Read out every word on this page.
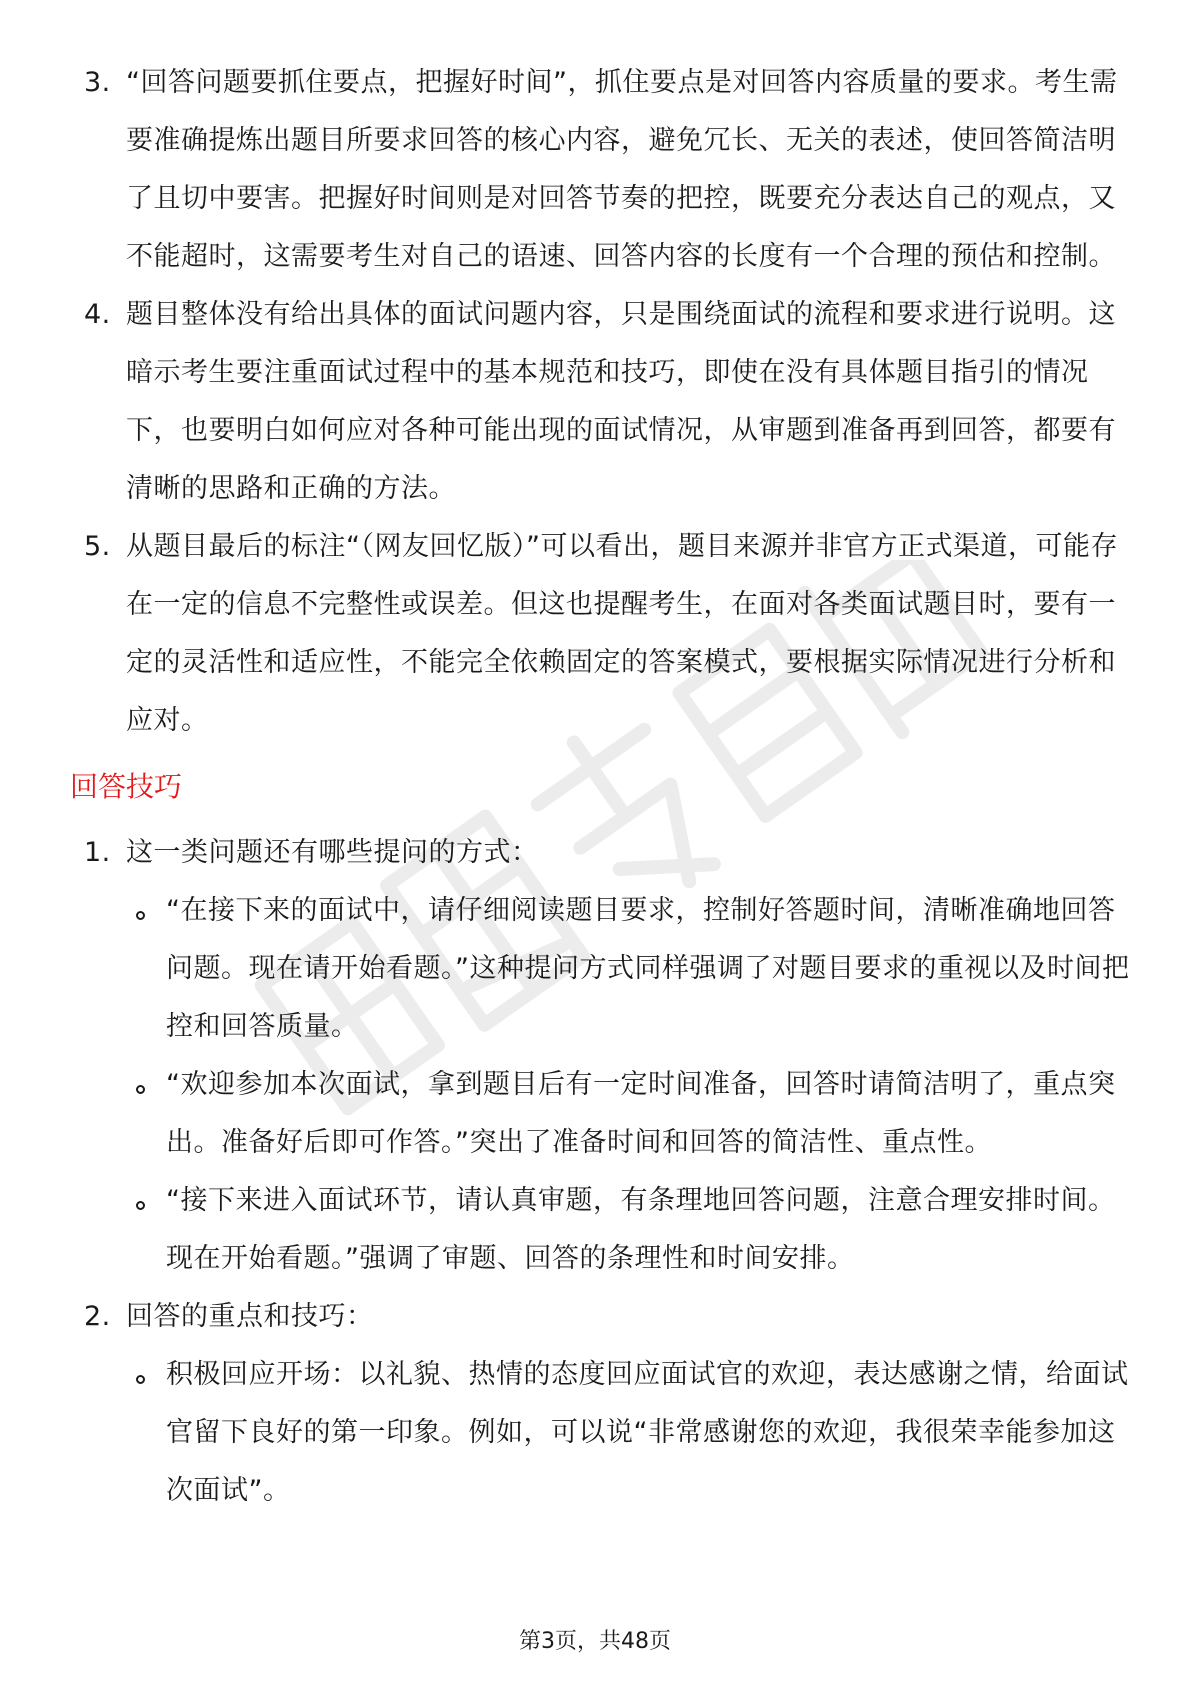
3. “回答问题要抓住要点，把握好时间”，抓住要点是对回答内容质量的要求。考生需要准确提炼出题目所要求回答的核心内容，避免冗长、无关的表述，使回答简洁明了且切中要害。把握好时间则是对回答节奏的把控，既要充分表达自己的观点，又不能超时，这需要考生对自己的语速、回答内容的长度有一个合理的预估和控制。
4. 题目整体没有给出具体的面试问题内容，只是围绕面试的流程和要求进行说明。这暗示考生要注重面试过程中的基本规范和技巧，即使在没有具体题目指引的情况下，也要明白如何应对各种可能出现的面试情况，从审题到准备再到回答，都要有清晰的思路和正确的方法。
5. 从题目最后的标注“（网友回忆版）”可以看出，题目来源并非官方正式渠道，可能存在一定的信息不完整性或误差。但这也提醒考生，在面对各类面试题目时，要有一定的灵活性和适应性，不能完全依赖固定的答案模式，要根据实际情况进行分析和应对。
回答技巧
1. 这一类问题还有哪些提问的方式：
“在接下来的面试中，请仔细阅读题目要求，控制好答题时间，清晰准确地回答问题。现在请开始看题。”这种提问方式同样强调了对题目要求的重视以及时间把控和回答质量。
“欢迎参加本次面试，拿到题目后有一定时间准备，回答时请简洁明了，重点突出。准备好后即可作答。”突出了准备时间和回答的简洁性、重点性。
“接下来进入面试环节，请认真审题，有条理地回答问题，注意合理安排时间。现在开始看题。”强调了审题、回答的条理性和时间安排。
2. 回答的重点和技巧：
积极回应开场：以礼貌、热情的态度回应面试官的欢迎，表达感谢之情，给面试官留下良好的第一印象。例如，可以说“非常感谢您的欢迎，我很荣幸能参加这次面试”。
第3页，共48页
